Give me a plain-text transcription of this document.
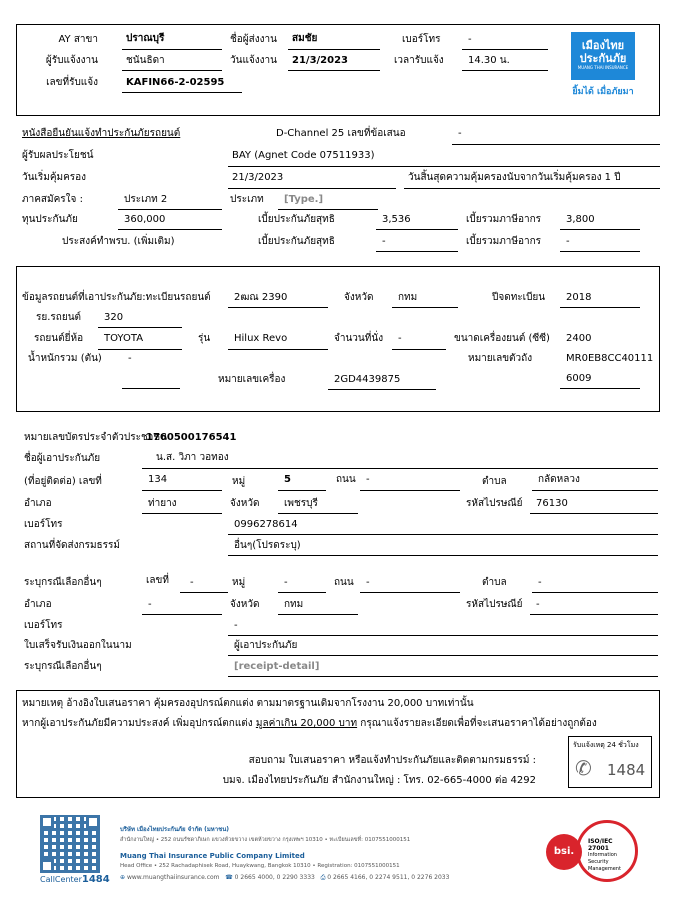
AY สาขา	ปราณบุรี	ชื่อผู้ส่งงาน สมชัย	เบอร์โทร	-
ผู้รับแจ้งงาน	ชนันธิดา	วันแจ้งงาน 21/3/2023	เวลารับแจ้ง 14.30 น.
เลขที่รับแจ้ง	KAFIN66-2-02595
เมืองไทย
ประกันภัย
MUANG THAI INSURANCE
ยิ้มได้ เมื่อภัยมา
หนังสือยืนยันแจ้งทำประกันภัยรถยนต์	D-Channel 25 เลขที่ข้อเสนอ	-
ผู้รับผลประโยชน์	BAY (Agnet Code 07511933)
วันเริ่มคุ้มครอง	21/3/2023	วันสิ้นสุดความคุ้มครองนับจากวันเริ่มคุ้มครอง 1 ปี
ภาคสมัครใจ :	ประเภท 2	ประเภท [Type.]
ทุนประกันภัย	360,000	เบี้ยประกันภัยสุทธิ	3,536	เบี้ยรวมภาษีอากร 3,800
ประสงค์ทำพรบ. (เพิ่มเติม)	เบี้ยประกันภัยสุทธิ	-	เบี้ยรวมภาษีอากร -
ข้อมูลรถยนต์ที่เอาประกันภัย:ทะเบียนรถยนต์ 2ฒณ 2390	จังหวัด กทม	ปีจดทะเบียน 2018
รย.รถยนต์ 320
รถยนต์ยี่ห้อ TOYOTA	รุ่น Hilux Revo	จำนวนที่นั่ง -	ขนาดเครื่องยนต์ (ซีซี) 2400
น้ำหนักรวม (ตัน)	-	หมายเลขตัวถัง	MR0EB8CC40111
6009
หมายเลขเครื่อง	2GD4439875
หมายเลขบัตรประจำตัวประชาชน
1760500176541
ชื่อผู้เอาประกันภัย	น.ส. วิภา วอทอง
(ที่อยู่ติดต่อ) เลขที่	134	หมู่	5	ถนน -	ตำบล	กลัดหลวง
อำเภอ	ท่ายาง	จังหวัด เพชรบุรี	รหัสไปรษณีย์ 76130
เบอร์โทร	0996278614
สถานที่จัดส่งกรมธรรม์	อื่นๆ(โปรดระบุ)
ระบุกรณีเลือกอื่นๆ	เลขที่ -	หมู่	-	ถนน -	ตำบล	-
อำเภอ	-	จังหวัด กทม	รหัสไปรษณีย์ -
เบอร์โทร	-
ใบเสร็จรับเงินออกในนาม	ผู้เอาประกันภัย
ระบุกรณีเลือกอื่นๆ	[receipt-detail]
หมายเหตุ อ้างอิงใบเสนอราคา คุ้มครองอุปกรณ์ตกแต่ง ตามมาตรฐานเดิมจากโรงงาน 20,000 บาทเท่านั้น
หากผู้เอาประกันภัยมีความประสงค์ เพิ่มอุปกรณ์ตกแต่ง มูลค่าเกิน 20,000 บาท กรุณาแจ้งรายละเอียดเพื่อที่จะเสนอราคาได้อย่างถูกต้อง
สอบถาม ใบเสนอราคา หรือแจ้งทำประกันภัยและติดตามกรมธรรม์ :
บมจ. เมืองไทยประกันภัย สำนักงานใหญ่ : โทร. 02-665-4000 ต่อ 4292
รับแจ้งเหตุ 24 ชั่วโมง
✆ 1484
CallCenter1484
บริษัท เมืองไทยประกันภัย จำกัด (มหาชน)
สำนักงานใหญ่ • 252 ถนนรัชดาภิเษก แขวงห้วยขวาง เขตห้วยขวาง กรุงเทพฯ 10310 • ทะเบียนเลขที่: 0107551000151
Muang Thai Insurance Public Company Limited
Head Office • 252 Rachadaphisek Road, Huaykwang, Bangkok 10310 • Registration: 0107551000151
⊕ www.muangthaiinsurance.com ☎ 0 2665 4000, 0 2290 3333 ⎙ 0 2665 4166, 0 2274 9511, 0 2276 2033
bsi.
ISO/IEC
27001
Information Security
Management
